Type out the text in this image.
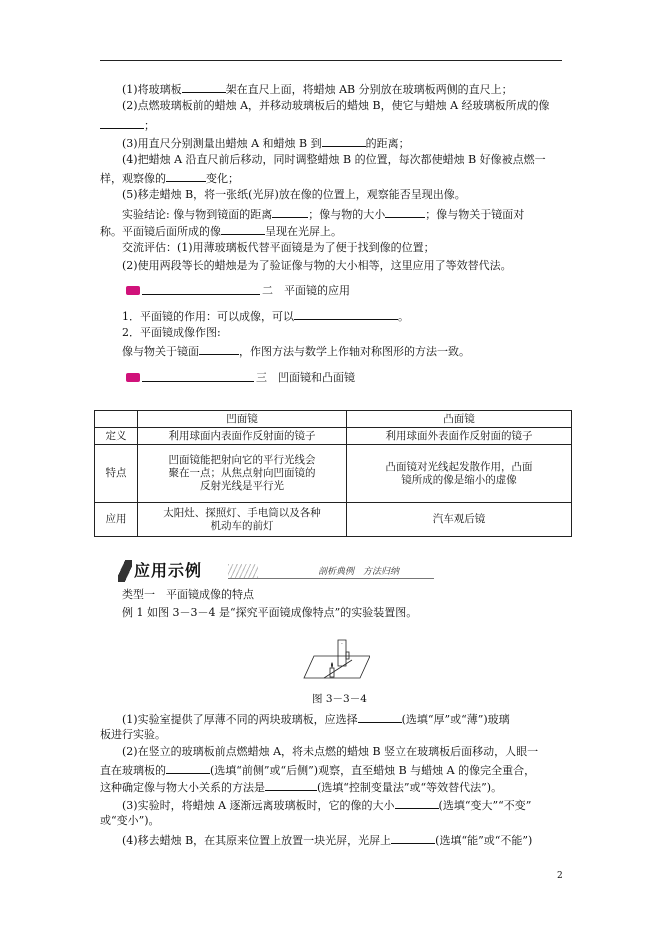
(1)将玻璃板	架在直尺上面，将蜡烛 AB 分别放在玻璃板两侧的直尺上；
(2)点燃玻璃板前的蜡烛 A，并移动玻璃板后的蜡烛 B，使它与蜡烛 A 经玻璃板所成的像
；
(3)用直尺分别测量出蜡烛 A 和蜡烛 B 到	的距离；
(4)把蜡烛 A 沿直尺前后移动，同时调整蜡烛 B 的位置，每次都使蜡烛 B 好像被点燃一
样，观察像的	变化；
(5)移走蜡烛 B，将一张纸(光屏)放在像的位置上，观察能否呈现出像。
实验结论: 像与物到镜面的距离	；像与物的大小	；像与物关于镜面对
称。平面镜后面所成的像	呈现在光屏上。
交流评估：(1)用薄玻璃板代替平面镜是为了便于找到像的位置；
(2)使用两段等长的蜡烛是为了验证像与物的大小相等，这里应用了等效替代法。
二　平面镜的应用
1．平面镜的作用：可以成像，可以	。
2．平面镜成像作图:
像与物关于镜面	，作图方法与数学上作轴对称图形的方法一致。
三　凹面镜和凸面镜
	凹面镜	凸面镜
定义	利用球面内表面作反射面的镜子	利用球面外表面作反射面的镜子
特点	凹面镜能把射向它的平行光线会聚在一点；从焦点射向凹面镜的反射光线是平行光	凸面镜对光线起发散作用，凸面镜所成的像是缩小的虚像
应用	太阳灶、探照灯、手电筒以及各种机动车的前灯	汽车观后镜
应用示例	剖析典例　方法归纳
类型一　平面镜成像的特点
例 1 如图 3－3－4 是“探究平面镜成像特点”的实验装置图。
·
图 3－3－4
(1)实验室提供了厚薄不同的两块玻璃板，应选择	(选填“厚”或“薄”)玻璃
板进行实验。
(2)在竖立的玻璃板前点燃蜡烛 A，将未点燃的蜡烛 B 竖立在玻璃板后面移动，人眼一
直在玻璃板的	(选填“前侧”或“后侧”)观察，直至蜡烛 B 与蜡烛 A 的像完全重合，
这种确定像与物大小关系的方法是	(选填“控制变量法”或“等效替代法”)。
(3)实验时，将蜡烛 A 逐渐远离玻璃板时，它的像的大小	(选填“变大”“不变”
或“变小”)。
(4)移去蜡烛 B，在其原来位置上放置一块光屏，光屏上	(选填“能”或“不能”)
2
